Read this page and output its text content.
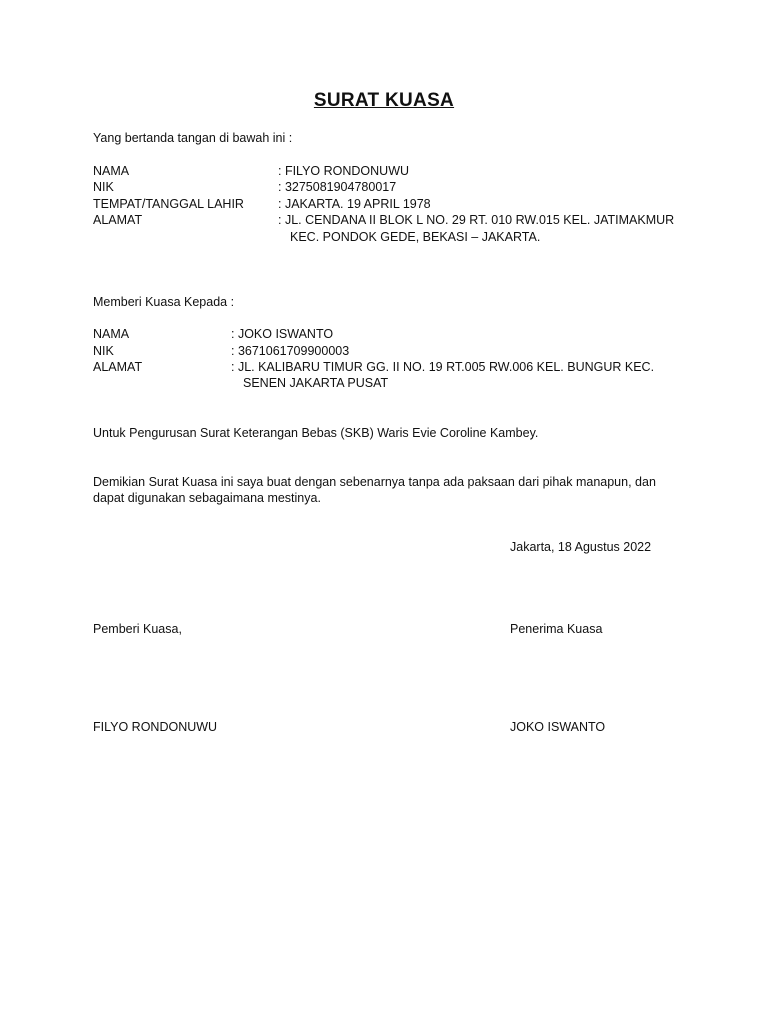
SURAT KUASA
Yang bertanda tangan di bawah ini :
NAMA	: FILYO RONDONUWU
NIK	: 3275081904780017
TEMPAT/TANGGAL LAHIR	: JAKARTA. 19 APRIL 1978
ALAMAT	: JL. CENDANA II BLOK L NO. 29 RT. 010 RW.015 KEL. JATIMAKMUR
KEC. PONDOK GEDE, BEKASI – JAKARTA.
Memberi Kuasa Kepada :
NAMA	: JOKO ISWANTO
NIK	: 3671061709900003
ALAMAT	: JL. KALIBARU TIMUR GG. II NO. 19 RT.005 RW.006 KEL. BUNGUR KEC.
SENEN JAKARTA PUSAT
Untuk Pengurusan Surat Keterangan Bebas (SKB) Waris Evie Coroline Kambey.
Demikian Surat Kuasa ini saya buat dengan sebenarnya tanpa ada paksaan dari pihak manapun, dan
dapat digunakan sebagaimana mestinya.
Jakarta, 18 Agustus 2022
Pemberi Kuasa,	Penerima Kuasa
FILYO RONDONUWU	JOKO ISWANTO
